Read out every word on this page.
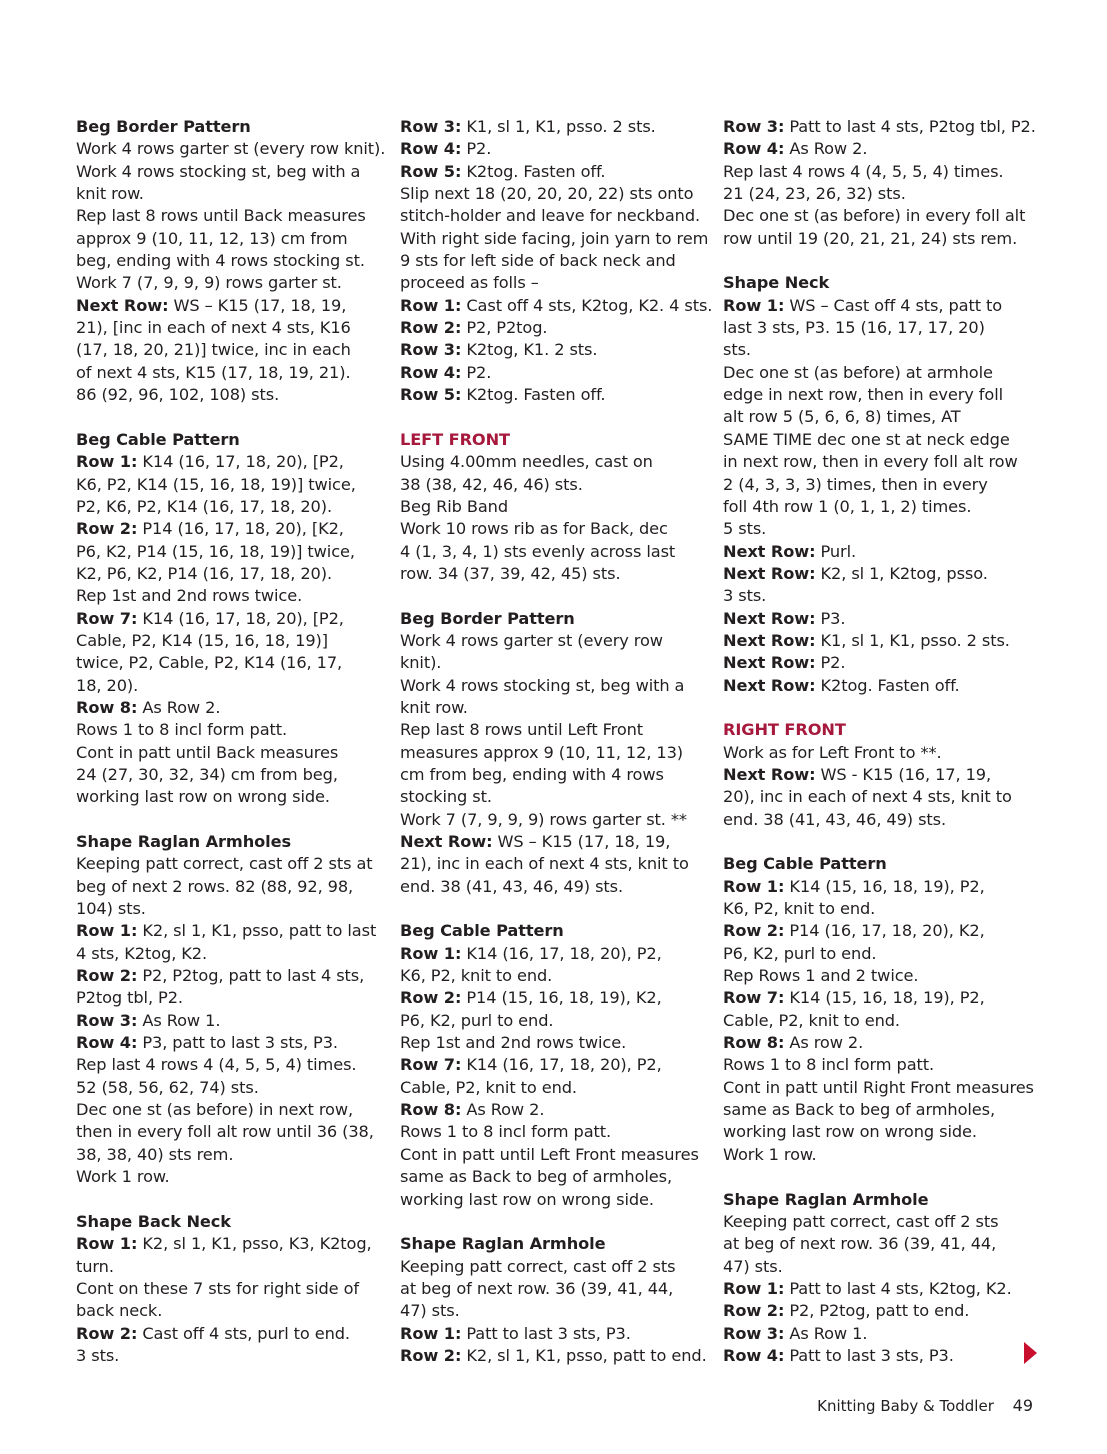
Beg Border Pattern
Work 4 rows garter st (every row knit).
Work 4 rows stocking st, beg with a
knit row.
Rep last 8 rows until Back measures
approx 9 (10, 11, 12, 13) cm from
beg, ending with 4 rows stocking st.
Work 7 (7, 9, 9, 9) rows garter st.
Next Row: WS – K15 (17, 18, 19,
21), [inc in each of next 4 sts, K16
(17, 18, 20, 21)] twice, inc in each
of next 4 sts, K15 (17, 18, 19, 21).
86 (92, 96, 102, 108) sts.
Beg Cable Pattern
Row 1: K14 (16, 17, 18, 20), [P2,
K6, P2, K14 (15, 16, 18, 19)] twice,
P2, K6, P2, K14 (16, 17, 18, 20).
Row 2: P14 (16, 17, 18, 20), [K2,
P6, K2, P14 (15, 16, 18, 19)] twice,
K2, P6, K2, P14 (16, 17, 18, 20).
Rep 1st and 2nd rows twice.
Row 7: K14 (16, 17, 18, 20), [P2,
Cable, P2, K14 (15, 16, 18, 19)]
twice, P2, Cable, P2, K14 (16, 17,
18, 20).
Row 8: As Row 2.
Rows 1 to 8 incl form patt.
Cont in patt until Back measures
24 (27, 30, 32, 34) cm from beg,
working last row on wrong side.
Shape Raglan Armholes
Keeping patt correct, cast off 2 sts at
beg of next 2 rows. 82 (88, 92, 98,
104) sts.
Row 1: K2, sl 1, K1, psso, patt to last
4 sts, K2tog, K2.
Row 2: P2, P2tog, patt to last 4 sts,
P2tog tbl, P2.
Row 3: As Row 1.
Row 4: P3, patt to last 3 sts, P3.
Rep last 4 rows 4 (4, 5, 5, 4) times.
52 (58, 56, 62, 74) sts.
Dec one st (as before) in next row,
then in every foll alt row until 36 (38,
38, 38, 40) sts rem.
Work 1 row.
Shape Back Neck
Row 1: K2, sl 1, K1, psso, K3, K2tog,
turn.
Cont on these 7 sts for right side of
back neck.
Row 2: Cast off 4 sts, purl to end.
3 sts.
Row 3: K1, sl 1, K1, psso. 2 sts.
Row 4: P2.
Row 5: K2tog. Fasten off.
Slip next 18 (20, 20, 20, 22) sts onto
stitch-holder and leave for neckband.
With right side facing, join yarn to rem
9 sts for left side of back neck and
proceed as folls –
Row 1: Cast off 4 sts, K2tog, K2. 4 sts.
Row 2: P2, P2tog.
Row 3: K2tog, K1. 2 sts.
Row 4: P2.
Row 5: K2tog. Fasten off.
LEFT FRONT
Using 4.00mm needles, cast on
38 (38, 42, 46, 46) sts.
Beg Rib Band
Work 10 rows rib as for Back, dec
4 (1, 3, 4, 1) sts evenly across last
row. 34 (37, 39, 42, 45) sts.
Beg Border Pattern
Work 4 rows garter st (every row
knit).
Work 4 rows stocking st, beg with a
knit row.
Rep last 8 rows until Left Front
measures approx 9 (10, 11, 12, 13)
cm from beg, ending with 4 rows
stocking st.
Work 7 (7, 9, 9, 9) rows garter st. **
Next Row: WS – K15 (17, 18, 19,
21), inc in each of next 4 sts, knit to
end. 38 (41, 43, 46, 49) sts.
Beg Cable Pattern
Row 1: K14 (16, 17, 18, 20), P2,
K6, P2, knit to end.
Row 2: P14 (15, 16, 18, 19), K2,
P6, K2, purl to end.
Rep 1st and 2nd rows twice.
Row 7: K14 (16, 17, 18, 20), P2,
Cable, P2, knit to end.
Row 8: As Row 2.
Rows 1 to 8 incl form patt.
Cont in patt until Left Front measures
same as Back to beg of armholes,
working last row on wrong side.
Shape Raglan Armhole
Keeping patt correct, cast off 2 sts
at beg of next row. 36 (39, 41, 44,
47) sts.
Row 1: Patt to last 3 sts, P3.
Row 2: K2, sl 1, K1, psso, patt to end.
Row 3: Patt to last 4 sts, P2tog tbl, P2.
Row 4: As Row 2.
Rep last 4 rows 4 (4, 5, 5, 4) times.
21 (24, 23, 26, 32) sts.
Dec one st (as before) in every foll alt
row until 19 (20, 21, 21, 24) sts rem.
Shape Neck
Row 1: WS – Cast off 4 sts, patt to
last 3 sts, P3. 15 (16, 17, 17, 20)
sts.
Dec one st (as before) at armhole
edge in next row, then in every foll
alt row 5 (5, 6, 6, 8) times, AT
SAME TIME dec one st at neck edge
in next row, then in every foll alt row
2 (4, 3, 3, 3) times, then in every
foll 4th row 1 (0, 1, 1, 2) times.
5 sts.
Next Row: Purl.
Next Row: K2, sl 1, K2tog, psso.
3 sts.
Next Row: P3.
Next Row: K1, sl 1, K1, psso. 2 sts.
Next Row: P2.
Next Row: K2tog. Fasten off.
RIGHT FRONT
Work as for Left Front to **.
Next Row: WS - K15 (16, 17, 19,
20), inc in each of next 4 sts, knit to
end. 38 (41, 43, 46, 49) sts.
Beg Cable Pattern
Row 1: K14 (15, 16, 18, 19), P2,
K6, P2, knit to end.
Row 2: P14 (16, 17, 18, 20), K2,
P6, K2, purl to end.
Rep Rows 1 and 2 twice.
Row 7: K14 (15, 16, 18, 19), P2,
Cable, P2, knit to end.
Row 8: As row 2.
Rows 1 to 8 incl form patt.
Cont in patt until Right Front measures
same as Back to beg of armholes,
working last row on wrong side.
Work 1 row.
Shape Raglan Armhole
Keeping patt correct, cast off 2 sts
at beg of next row. 36 (39, 41, 44,
47) sts.
Row 1: Patt to last 4 sts, K2tog, K2.
Row 2: P2, P2tog, patt to end.
Row 3: As Row 1.
Row 4: Patt to last 3 sts, P3.
Knitting Baby & Toddler 49
